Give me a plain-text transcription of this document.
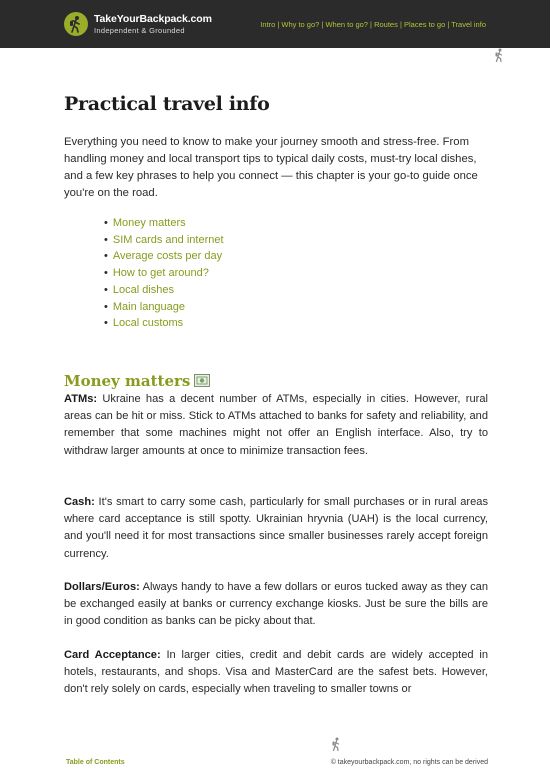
TakeYourBackpack.com
Independent & Grounded
Intro | Why to go? | When to go? | Routes | Places to go | Travel info
Practical travel info

Everything you need to know to make your journey smooth and stress-free. From handling money and local transport tips to typical daily costs, must-try local dishes, and a few key phrases to help you connect — this chapter is your go-to guide once you're on the road.

• Money matters
• SIM cards and internet
• Average costs per day
• How to get around?
• Local dishes
• Main language
• Local customs
Money matters

ATMs: Ukraine has a decent number of ATMs, especially in cities. However, rural areas can be hit or miss. Stick to ATMs attached to banks for safety and reliability, and remember that some machines might not offer an English interface. Also, try to withdraw larger amounts at once to minimize transaction fees.

Cash: It's smart to carry some cash, particularly for small purchases or in rural areas where card acceptance is still spotty. Ukrainian hryvnia (UAH) is the local currency, and you'll need it for most transactions since smaller businesses rarely accept foreign currency.

Dollars/Euros: Always handy to have a few dollars or euros tucked away as they can be exchanged easily at banks or currency exchange kiosks. Just be sure the bills are in good condition as banks can be picky about that.

Card Acceptance: In larger cities, credit and debit cards are widely accepted in hotels, restaurants, and shops. Visa and MasterCard are the safest bets. However, don't rely solely on cards, especially when traveling to smaller towns or

Table of Contents	© takeyourbackpack.com, no rights can be derived
